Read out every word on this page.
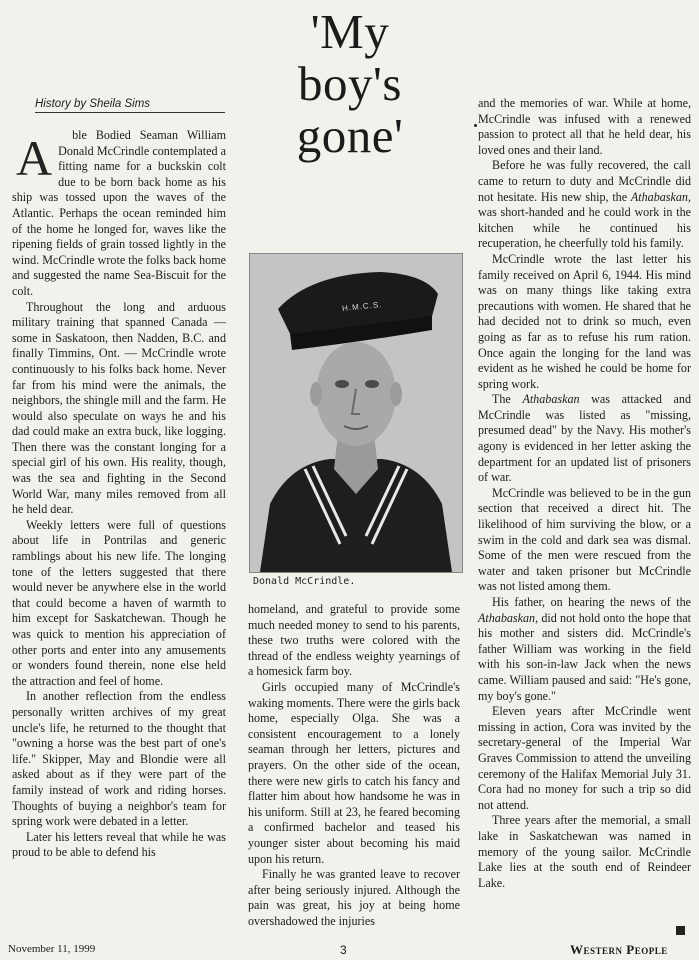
'My
boy's
gone'
History by Sheila Sims
A	ble Bodied Seaman William Donald McCrindle contemplated a fitting name for a buckskin colt due to be born back home as his ship was tossed upon the waves of the Atlantic. Perhaps the ocean reminded him of the home he longed for, waves like the ripening fields of grain tossed lightly in the wind. McCrindle wrote the folks back home and suggested the name Sea-Biscuit for the colt.

Throughout the long and arduous military training that spanned Canada — some in Saskatoon, then Nadden, B.C. and finally Timmins, Ont. — McCrindle wrote continuously to his folks back home. Never far from his mind were the animals, the neighbors, the shingle mill and the farm. He would also speculate on ways he and his dad could make an extra buck, like logging. Then there was the constant longing for a special girl of his own. His reality, though, was the sea and fighting in the Second World War, many miles removed from all he held dear.

Weekly letters were full of questions about life in Pontrilas and generic ramblings about his new life. The longing tone of the letters suggested that there would never be anywhere else in the world that could become a haven of warmth to him except for Saskatchewan. Though he was quick to mention his appreciation of other ports and enter into any amusements or wonders found therein, none else held the attraction and feel of home.

In another reflection from the endless personally written archives of my great uncle's life, he returned to the thought that "owning a horse was the best part of one's life." Skipper, May and Blondie were all asked about as if they were part of the family instead of work and riding horses. Thoughts of buying a neighbor's team for spring work were debated in a letter.

Later his letters reveal that while he was proud to be able to defend his

H.M.C.S.
Donald McCrindle.

homeland, and grateful to provide some much needed money to send to his parents, these two truths were colored with the thread of the endless weighty yearnings of a homesick farm boy.

Girls occupied many of McCrindle's waking moments. There were the girls back home, especially Olga. She was a consistent encouragement to a lonely seaman through her letters, pictures and prayers. On the other side of the ocean, there were new girls to catch his fancy and flatter him about how handsome he was in his uniform. Still at 23, he feared becoming a confirmed bachelor and teased his younger sister about becoming his maid upon his return.

Finally he was granted leave to recover after being seriously injured. Although the pain was great, his joy at being home overshadowed the injuries

and the memories of war. While at home, McCrindle was infused with a renewed passion to protect all that he held dear, his loved ones and their land.

Before he was fully recovered, the call came to return to duty and McCrindle did not hesitate. His new ship, the Athabaskan, was short-handed and he could work in the kitchen while he continued his recuperation, he cheerfully told his family.

McCrindle wrote the last letter his family received on April 6, 1944. His mind was on many things like taking extra precautions with women. He shared that he had decided not to drink so much, even going as far as to refuse his rum ration. Once again the longing for the land was evident as he wished he could be home for spring work.

The Athabaskan was attacked and McCrindle was listed as "missing, presumed dead" by the Navy. His mother's agony is evidenced in her letter asking the department for an updated list of prisoners of war.

McCrindle was believed to be in the gun section that received a direct hit. The likelihood of him surviving the blow, or a swim in the cold and dark sea was dismal. Some of the men were rescued from the water and taken prisoner but McCrindle was not listed among them.

His father, on hearing the news of the Athabaskan, did not hold onto the hope that his mother and sisters did. McCrindle's father William was working in the field with his son-in-law Jack when the news came. William paused and said: "He's gone, my boy's gone."

Eleven years after McCrindle went missing in action, Cora was invited by the secretary-general of the Imperial War Graves Commission to attend the unveiling ceremony of the Halifax Memorial July 31. Cora had no money for such a trip so did not attend.

Three years after the memorial, a small lake in Saskatchewan was named in memory of the young sailor. McCrindle Lake lies at the south end of Reindeer Lake.

November 11, 1999	3	Western People
